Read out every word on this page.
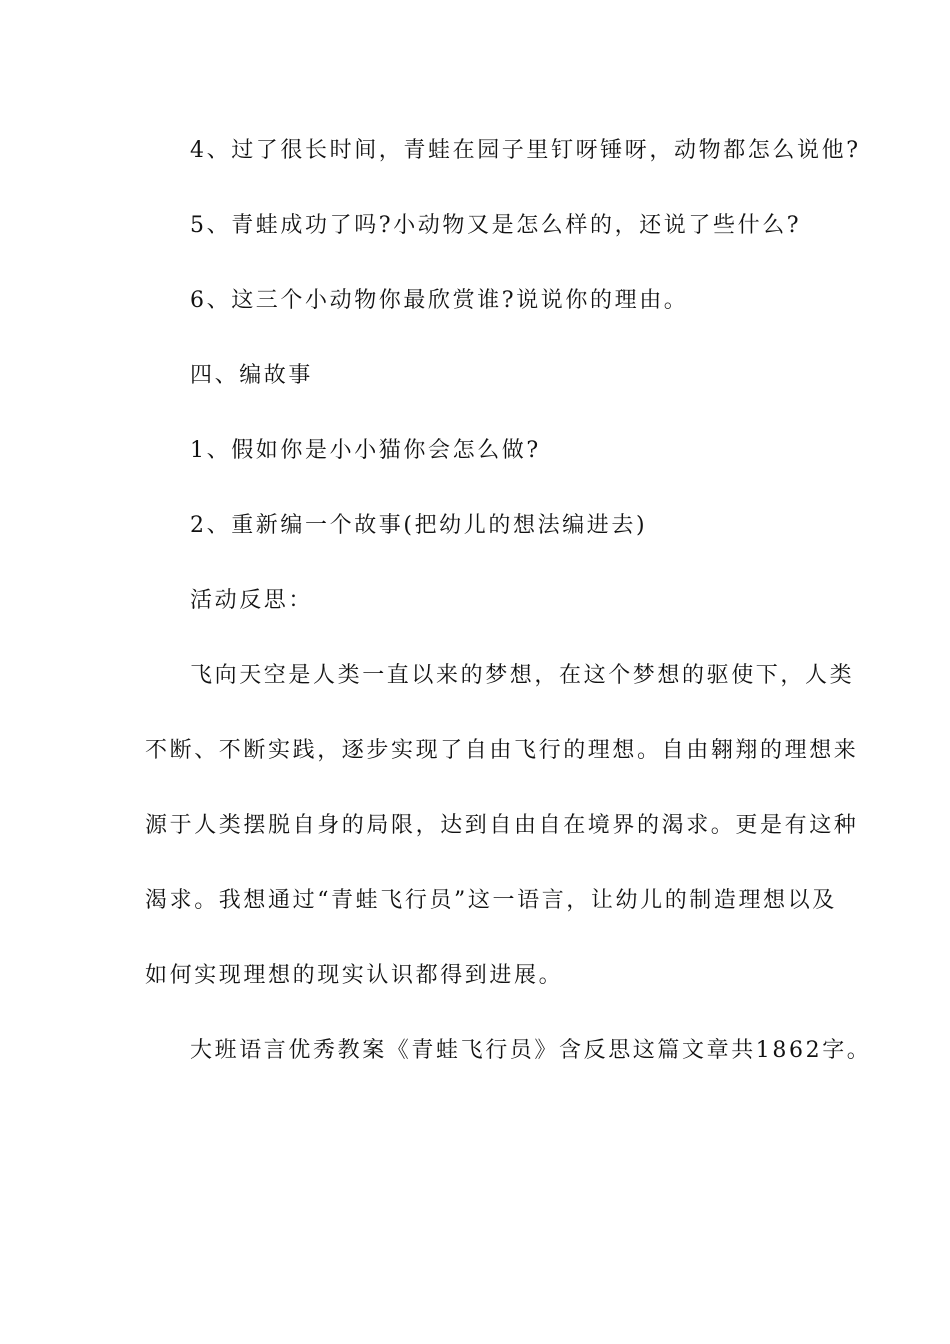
4、过了很长时间，青蛙在园子里钉呀锤呀，动物都怎么说他?

5、青蛙成功了吗?小动物又是怎么样的，还说了些什么?

6、这三个小动物你最欣赏谁?说说你的理由。

四、编故事

1、假如你是小小猫你会怎么做?

2、重新编一个故事(把幼儿的想法编进去)

活动反思：

飞向天空是人类一直以来的梦想，在这个梦想的驱使下，人类

不断、不断实践，逐步实现了自由飞行的理想。自由翱翔的理想来

源于人类摆脱自身的局限，达到自由自在境界的渴求。更是有这种

渴求。我想通过“青蛙飞行员”这一语言，让幼儿的制造理想以及

如何实现理想的现实认识都得到进展。

大班语言优秀教案《青蛙飞行员》含反思这篇文章共1862字。
